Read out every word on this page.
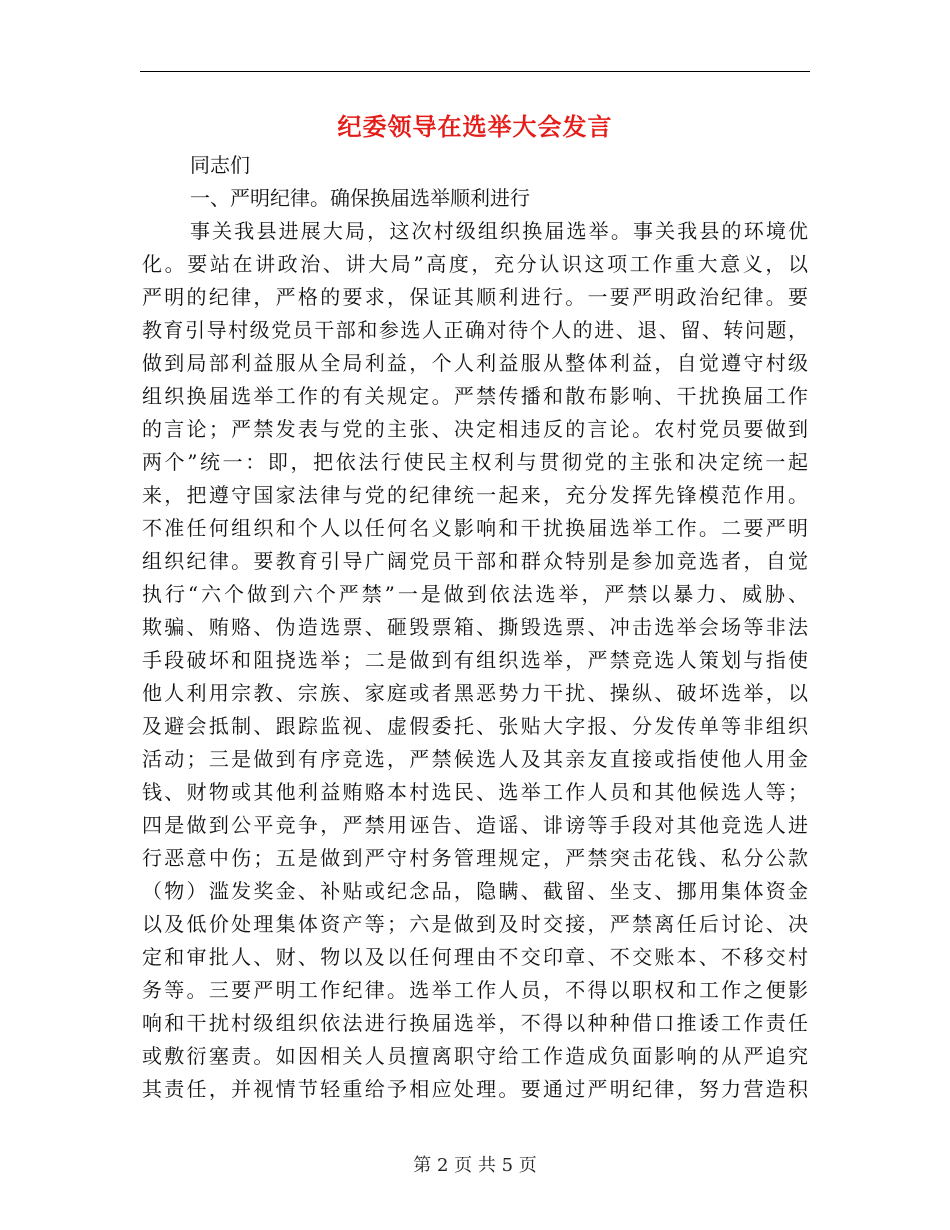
纪委领导在选举大会发言
同志们
一、严明纪律。确保换届选举顺利进行
事关我县进展大局，这次村级组织换届选举。事关我县的环境优
化。要站在讲政治、讲大局”高度，充分认识这项工作重大意义，以
严明的纪律，严格的要求，保证其顺利进行。一要严明政治纪律。要
教育引导村级党员干部和参选人正确对待个人的进、退、留、转问题，
做到局部利益服从全局利益，个人利益服从整体利益，自觉遵守村级
组织换届选举工作的有关规定。严禁传播和散布影响、干扰换届工作
的言论；严禁发表与党的主张、决定相违反的言论。农村党员要做到
两个”统一：即，把依法行使民主权利与贯彻党的主张和决定统一起
来，把遵守国家法律与党的纪律统一起来，充分发挥先锋模范作用。
不准任何组织和个人以任何名义影响和干扰换届选举工作。二要严明
组织纪律。要教育引导广阔党员干部和群众特别是参加竞选者，自觉
执行“六个做到六个严禁”一是做到依法选举，严禁以暴力、威胁、
欺骗、贿赂、伪造选票、砸毁票箱、撕毁选票、冲击选举会场等非法
手段破坏和阻挠选举；二是做到有组织选举，严禁竞选人策划与指使
他人利用宗教、宗族、家庭或者黑恶势力干扰、操纵、破坏选举，以
及避会抵制、跟踪监视、虚假委托、张贴大字报、分发传单等非组织
活动；三是做到有序竞选，严禁候选人及其亲友直接或指使他人用金
钱、财物或其他利益贿赂本村选民、选举工作人员和其他候选人等；
四是做到公平竞争，严禁用诬告、造谣、诽谤等手段对其他竞选人进
行恶意中伤；五是做到严守村务管理规定，严禁突击花钱、私分公款
（物）滥发奖金、补贴或纪念品，隐瞒、截留、坐支、挪用集体资金
以及低价处理集体资产等；六是做到及时交接，严禁离任后讨论、决
定和审批人、财、物以及以任何理由不交印章、不交账本、不移交村
务等。三要严明工作纪律。选举工作人员，不得以职权和工作之便影
响和干扰村级组织依法进行换届选举，不得以种种借口推诿工作责任
或敷衍塞责。如因相关人员擅离职守给工作造成负面影响的从严追究
其责任，并视情节轻重给予相应处理。要通过严明纪律，努力营造积
第 2 页 共 5 页
